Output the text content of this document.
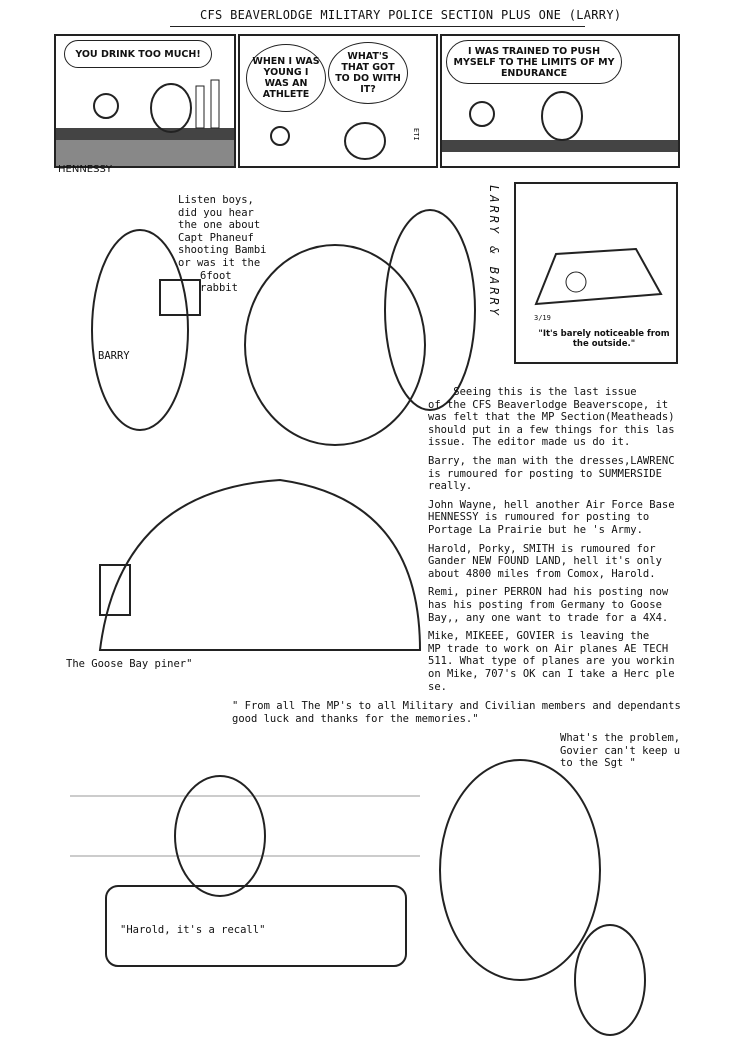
CFS BEAVERLODGE MILITARY POLICE SECTION PLUS ONE (LARRY)
YOU DRINK TOO MUCH!
WHEN I WAS YOUNG I WAS AN ATHLETE
WHAT'S THAT GOT TO DO WITH IT?
ETI
I WAS TRAINED TO PUSH MYSELF TO THE LIMITS OF MY ENDURANCE
HENNESSY
Listen boys,
did you hear
the one about
Capt Phaneuf
shooting Bambi
or was it the
6foot
rabbit
BARRY
LARRY & BARRY
3/19
"It's barely noticeable from the outside."
Seeing this is the last issue
of the CFS Beaverlodge Beaverscope, it
was felt that the MP Section(Meatheads)
should put in a few things for this las
issue. The editor made us do it.
Barry, the man with the dresses,LAWRENC
is rumoured for posting to SUMMERSIDE
really.
John Wayne, hell another Air Force Base
HENNESSY is rumoured for posting to
Portage La Prairie but he 's Army.
Harold, Porky, SMITH is rumoured for
Gander NEW FOUND LAND, hell it's only
about 4800 miles from Comox, Harold.
Remi, piner PERRON had his posting now
has his posting from Germany to Goose
Bay,, any one want to trade for a 4X4.
Mike, MIKEEE, GOVIER is leaving the
MP trade to work on Air planes AE TECH
511. What type of planes are you workin
on Mike, 707's OK can I take a Herc ple
se.
The Goose Bay piner"
" From all The MP's to all Military and Civilian members and dependants
good luck and thanks for the memories."
"Harold, it's a recall"
What's the problem,
Govier can't keep u
to the Sgt "
